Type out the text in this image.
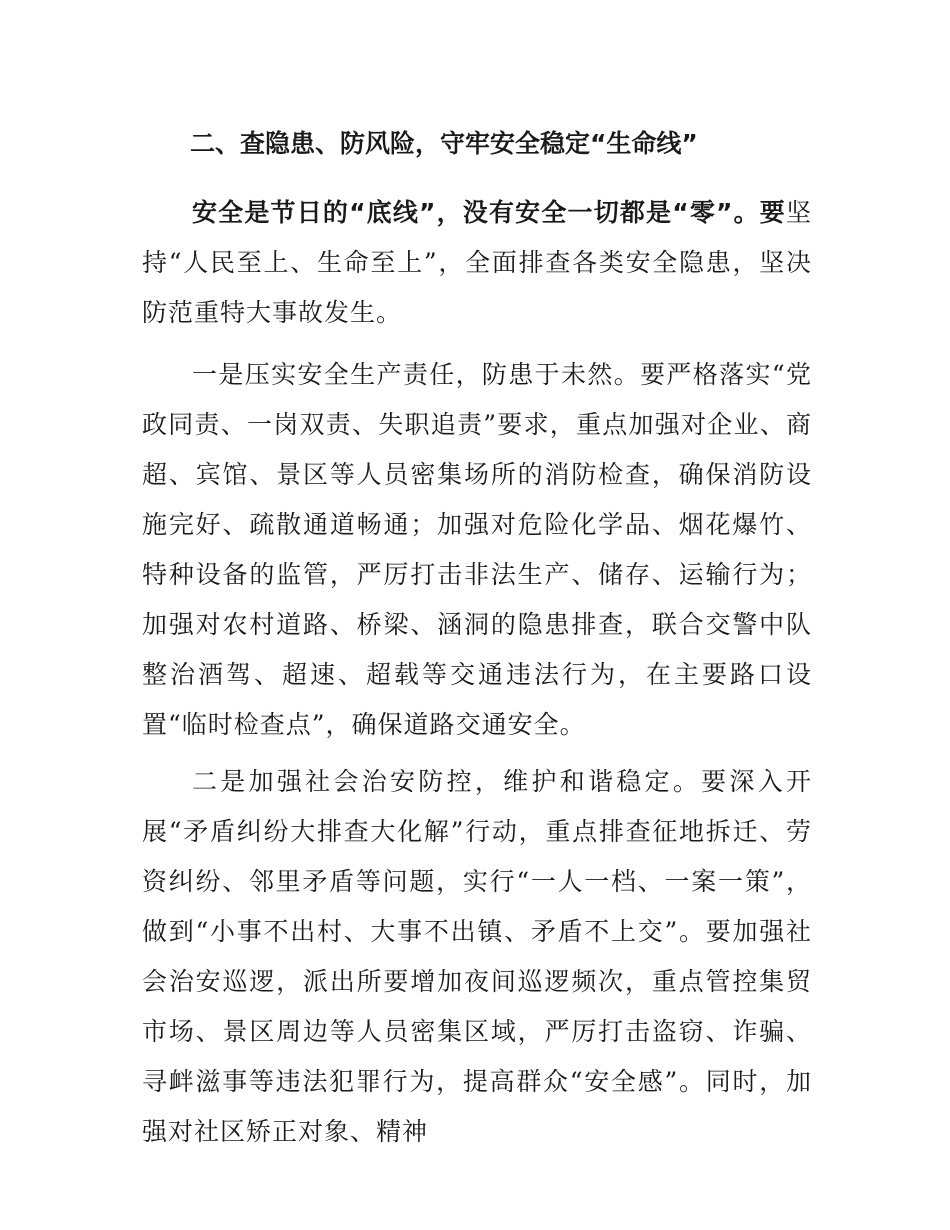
二、查隐患、防风险，守牢安全稳定“生命线”

安全是节日的“底线”，没有安全一切都是“零”。要坚持“人民至上、生命至上”，全面排查各类安全隐患，坚决防范重特大事故发生。

一是压实安全生产责任，防患于未然。要严格落实“党政同责、一岗双责、失职追责”要求，重点加强对企业、商超、宾馆、景区等人员密集场所的消防检查，确保消防设施完好、疏散通道畅通；加强对危险化学品、烟花爆竹、特种设备的监管，严厉打击非法生产、储存、运输行为；加强对农村道路、桥梁、涵洞的隐患排查，联合交警中队整治酒驾、超速、超载等交通违法行为，在主要路口设置“临时检查点”，确保道路交通安全。

二是加强社会治安防控，维护和谐稳定。要深入开展“矛盾纠纷大排查大化解”行动，重点排查征地拆迁、劳资纠纷、邻里矛盾等问题，实行“一人一档、一案一策”，做到“小事不出村、大事不出镇、矛盾不上交”。要加强社会治安巡逻，派出所要增加夜间巡逻频次，重点管控集贸市场、景区周边等人员密集区域，严厉打击盗窃、诈骗、寻衅滋事等违法犯罪行为，提高群众“安全感”。同时，加强对社区矫正对象、精神
